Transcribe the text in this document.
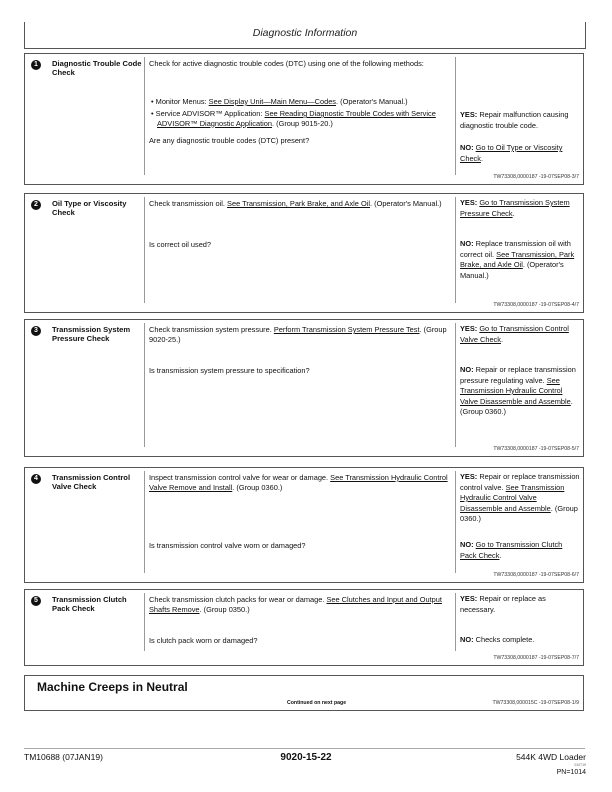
Diagnostic Information
1	Diagnostic Trouble Code Check
Check for active diagnostic trouble codes (DTC) using one of the following methods:
• Monitor Menus: See Display Unit—Main Menu—Codes. (Operator's Manual.)
• Service ADVISOR™ Application: See Reading Diagnostic Trouble Codes with Service ADVISOR™ Diagnostic Application. (Group 9015-20.)
Are any diagnostic trouble codes (DTC) present?
YES: Repair malfunction causing diagnostic trouble code.
NO: Go to Oil Type or Viscosity Check.
TW73308,0000187 -19-07SEP08-3/7
2	Oil Type or Viscosity Check
Check transmission oil. See Transmission, Park Brake, and Axle Oil. (Operator's Manual.)
Is correct oil used?
YES: Go to Transmission System Pressure Check.
NO: Replace transmission oil with correct oil. See Transmission, Park Brake, and Axle Oil. (Operator's Manual.)
TW73308,0000187 -19-07SEP08-4/7
3	Transmission System Pressure Check
Check transmission system pressure. Perform Transmission System Pressure Test. (Group 9020-25.)
Is transmission system pressure to specification?
YES: Go to Transmission Control Valve Check.
NO: Repair or replace transmission pressure regulating valve. See Transmission Hydraulic Control Valve Disassemble and Assemble. (Group 0360.)
TW73308,0000187 -19-07SEP08-5/7
4	Transmission Control Valve Check
Inspect transmission control valve for wear or damage. See Transmission Hydraulic Control Valve Remove and Install. (Group 0360.)
Is transmission control valve worn or damaged?
YES: Repair or replace transmission control valve. See Transmission Hydraulic Control Valve Disassemble and Assemble. (Group 0360.)
NO: Go to Transmission Clutch Pack Check.
TW73308,0000187 -19-07SEP08-6/7
5	Transmission Clutch Pack Check
Check transmission clutch packs for wear or damage. See Clutches and Input and Output Shafts Remove. (Group 0350.)
Is clutch pack worn or damaged?
YES: Repair or replace as necessary.
NO: Checks complete.
TW73308,0000187 -19-07SEP08-7/7
Machine Creeps in Neutral
Continued on next page	TW73308,000015C -19-07SEP08-1/9
TM10688 (07JAN19)	9020-15-22	544K 4WD Loader
010719
PN=1014
